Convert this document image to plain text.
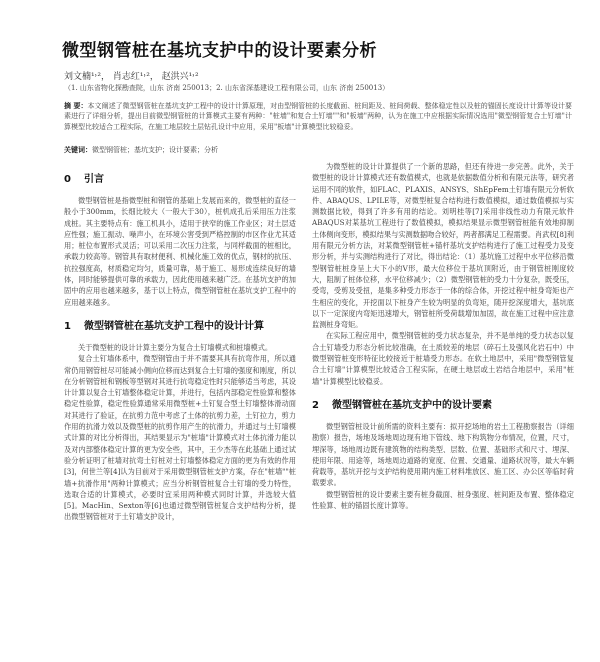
微型钢管桩在基坑支护中的设计要素分析
刘文楠¹˒²， 肖志红¹˒²， 赵洪兴¹˒²
（1. 山东省物化探勘查院，山东 济南 250013；2. 山东省深基建设工程有限公司，山东 济南 250013）
摘 要：本文阐述了微型钢管桩在基坑支护工程中的设计计算原理，对由型钢管桩的长度截面、桩间距及、桩间荷载、整体稳定性以及桩的锚固长度设计计算等设计要素进行了详细分析，提出目前微型钢管桩的计算模式主要有两种："桩墙"和复合土钉墙""和"板墙"两种，认为在施工中应根据实际情况选用"微型钢管复合土钉墙"计算模型比较适合工程实际，在施工地层较土层钻孔设计中应用，采用"板墙"计算模型比较稳妥。
关键词：微型钢管桩；基坑支护；设计要素；分析
0 引言

微型钢管桩是指微型桩和钢管的基础上发展而来的，微型桩的直径一般小于300mm，长细比较大（一般大于30），桩机成孔后采用压力注浆成桩。其主要特点有：施工机具小，适用于狭窄的施工作业区；对土层适应性强；施工振动、噪声小，在环境公害受到严格控制的市区作业尤其适用；桩位布置形式灵活；可以采用二次压力注浆，与同样截面的桩相比，承载力较高等。钢管具有取材便利、机械化施工效的优点，钢材的抗压、抗拉强度高，材质稳定均匀，质量可靠，易于施工、易形成连续良好的墙体，同时能够提供可靠的承载力，因此使用越来越广泛。在基坑支护的加固中的应用也越来越多，基于以上特点，微型钢管桩在基坑支护工程中的应用越来越多。

1 微型钢管桩在基坑支护工程中的设计计算

关于微型桩的设计计算主要分为复合土钉墙模式和桩墙模式。

复合土钉墙体系中，微型钢管由于并不需要其具有抗弯作用，所以通常仍用钢管桩尽可能减小侧向位移而达到复合土钉墙的强度和刚度，所以在分析钢管桩和钢板等型钢对其进行抗弯稳定性时只能够适当考虑，其设计计算以复合土钉墙整体稳定计算，并进行，包括内部稳定性验算和整体稳定性验算，稳定性验算通常采用微型桩+土钉复合型土钉墙整体滑动面对其进行了验证，在抗剪力范中考虑了土体的抗剪力差，土钉拉力，剪力作用的抗滑力效以及微型桩的抗剪作用产生的抗滑力，并通过与土钉墙模式计算的对比分析得出，其结果显示为"桩墙"计算模式对土体抗滑力能以及对内部整体稳定计算的更为安全些，其中，王少杰等在此基础上通过试验分析证明了桩墙对抗弯土钉桩对土钉墙整体稳定方面的更为有效的作用[3]，何世兰等[4]认为目前对于采用微型钢管桩支护方案，存在"桩墙""桩墙+抗滑作用"两种计算模式；应当分析钢管桩复合土钉墙的受力特性，选取合适的计算模式，必要时宜采用两种模式同时计算，并选较大值[5]。MacHin、Sexton等[6]也通过微型钢管桩复合支护结构分析，提出微型钢管桩对于土钉墙支护设计，

为微型桩的设计计算提供了一个新的思路，但还有待进一步完善。此外，关于微型桩的设计计算模式还有数值模式，也就是依据数值分析和有限元法等，研究者运用不同的软件，如FLAC、PLAXIS、ANSYS、ShEpFem土钉墙有限元分析软件、ABAQUS、LPILE等，对微型桩复合结构进行数值模拟，通过数值模拟与实测数据比较，得到了许多有用的结论。刘明桂等[7]采用非线性动力有限元软件ABAQUS对某基坑工程进行了数值模拟，模拟结果显示微型钢管桩能有效地抑制土体侧向变形，模拟结果与实测数据吻合较好，两者都满足工程需要。肖武权[8]利用有限元分析方法，对某微型钢管桩+锚杆基坑支护结构进行了施工过程受力及变形分析，并与实测结构进行了对比，得出结论：（1）基坑施工过程中水平位移沿微型钢管桩桩身呈上大下小的V形，最大位移位于基坑顶附近，由于钢管桩刚度较大，阻制了桩体位移，水平位移减少；（2）微型钢管桩的受力十分复杂，既受压，受弯，受剪及受扭，是集多种受力形态于一体的综合体，开挖过程中桩身弯矩也产生相应的变化，开挖面以下桩身产生较为明显的负弯矩，随开挖深度增大，基坑底以下一定深度内弯矩迅速增大，钢管桩所受荷载增加加固，故在施工过程中应注意监测桩身弯矩。

在实际工程应用中，微型钢管桩的受力状态复杂，并不是单纯的受力状态以复合土钉墙受力形态分析比较准确，在土质较差的地层（碎石土及强风化岩石中）中微型钢管桩变形特征比较接近于桩墙受力形态。在软土地层中，采用"微型钢管复合土钉墙"计算模型比较适合工程实际，在硬土地层或土岩结合地层中，采用"桩墙"计算模型比较稳妥。

2 微型钢管桩在基坑支护中的设计要素

微型钢管桩设计前所需的资料主要有：拟开挖场地的岩土工程勘察报告（详细勘察）报告，场地及场地周边现有地下管线、地下构筑物分布情况，位置，尺寸，埋深等，场地周边既有建筑物的结构类型、层数、位置、基础形式和尺寸、埋深、使用年限、用途等，场地周边道路的宽度、位置、交通量、道路状况等，最大车辆荷载等，基坑开挖与支护结构使用期内施工材料堆放区、施工区、办公区等临时荷载要求。

微型钢管桩的设计要素主要有桩身截面、桩身强度、桩间距及布置、整体稳定性验算、桩的锚固长度计算等。
